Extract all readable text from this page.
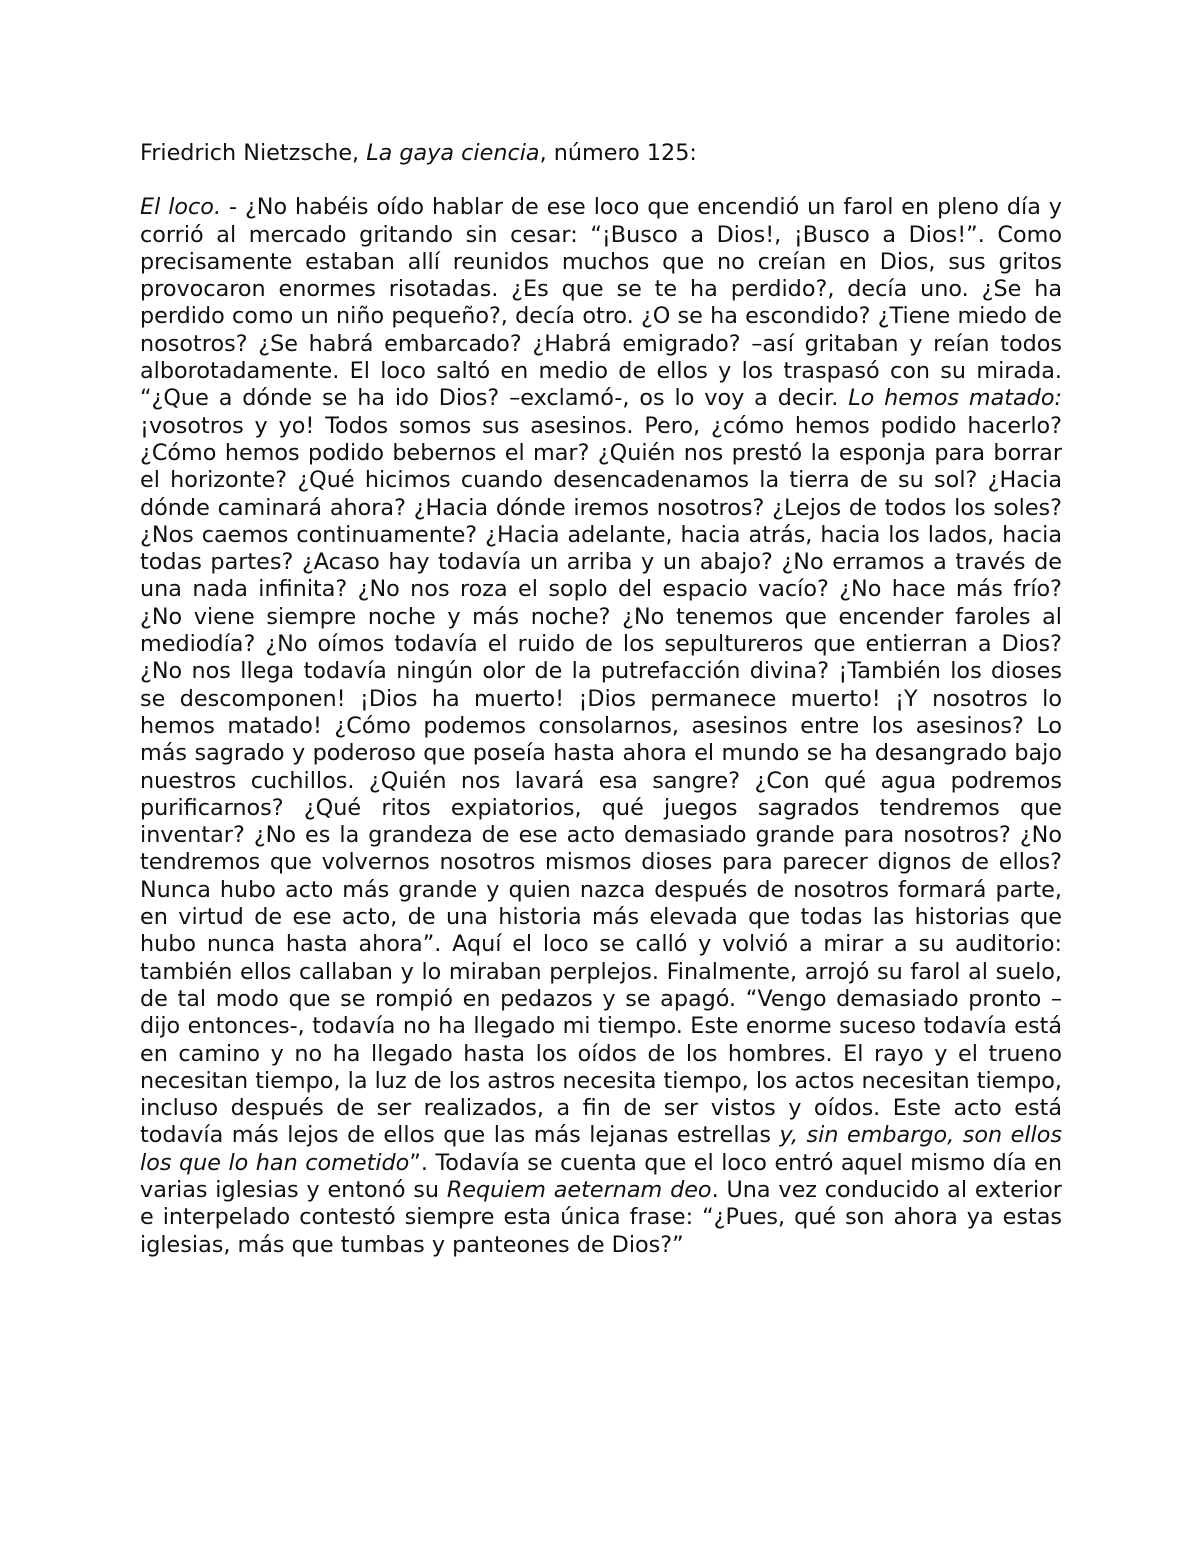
Friedrich Nietzsche, La gaya ciencia, número 125:

El loco. - ¿No habéis oído hablar de ese loco que encendió un farol en pleno día y corrió al mercado gritando sin cesar: “¡Busco a Dios!, ¡Busco a Dios!”. Como precisamente estaban allí reunidos muchos que no creían en Dios, sus gritos provocaron enormes risotadas. ¿Es que se te ha perdido?, decía uno. ¿Se ha perdido como un niño pequeño?, decía otro. ¿O se ha escondido? ¿Tiene miedo de nosotros? ¿Se habrá embarcado? ¿Habrá emigrado? –así gritaban y reían todos alborotadamente. El loco saltó en medio de ellos y los traspasó con su mirada. “¿Que a dónde se ha ido Dios? –exclamó-, os lo voy a decir. Lo hemos matado: ¡vosotros y yo! Todos somos sus asesinos. Pero, ¿cómo hemos podido hacerlo? ¿Cómo hemos podido bebernos el mar? ¿Quién nos prestó la esponja para borrar el horizonte? ¿Qué hicimos cuando desencadenamos la tierra de su sol? ¿Hacia dónde caminará ahora? ¿Hacia dónde iremos nosotros? ¿Lejos de todos los soles? ¿Nos caemos continuamente? ¿Hacia adelante, hacia atrás, hacia los lados, hacia todas partes? ¿Acaso hay todavía un arriba y un abajo? ¿No erramos a través de una nada infinita? ¿No nos roza el soplo del espacio vacío? ¿No hace más frío? ¿No viene siempre noche y más noche? ¿No tenemos que encender faroles al mediodía? ¿No oímos todavía el ruido de los sepultureros que entierran a Dios? ¿No nos llega todavía ningún olor de la putrefacción divina? ¡También los dioses se descomponen! ¡Dios ha muerto! ¡Dios permanece muerto! ¡Y nosotros lo hemos matado! ¿Cómo podemos consolarnos, asesinos entre los asesinos? Lo más sagrado y poderoso que poseía hasta ahora el mundo se ha desangrado bajo nuestros cuchillos. ¿Quién nos lavará esa sangre? ¿Con qué agua podremos purificarnos? ¿Qué ritos expiatorios, qué juegos sagrados tendremos que inventar? ¿No es la grandeza de ese acto demasiado grande para nosotros? ¿No tendremos que volvernos nosotros mismos dioses para parecer dignos de ellos? Nunca hubo acto más grande y quien nazca después de nosotros formará parte, en virtud de ese acto, de una historia más elevada que todas las historias que hubo nunca hasta ahora”. Aquí el loco se calló y volvió a mirar a su auditorio: también ellos callaban y lo miraban perplejos. Finalmente, arrojó su farol al suelo, de tal modo que se rompió en pedazos y se apagó. “Vengo demasiado pronto –dijo entonces-, todavía no ha llegado mi tiempo. Este enorme suceso todavía está en camino y no ha llegado hasta los oídos de los hombres. El rayo y el trueno necesitan tiempo, la luz de los astros necesita tiempo, los actos necesitan tiempo, incluso después de ser realizados, a fin de ser vistos y oídos. Este acto está todavía más lejos de ellos que las más lejanas estrellas y, sin embargo, son ellos los que lo han cometido”. Todavía se cuenta que el loco entró aquel mismo día en varias iglesias y entonó su Requiem aeternam deo. Una vez conducido al exterior e interpelado contestó siempre esta única frase: “¿Pues, qué son ahora ya estas iglesias, más que tumbas y panteones de Dios?”
